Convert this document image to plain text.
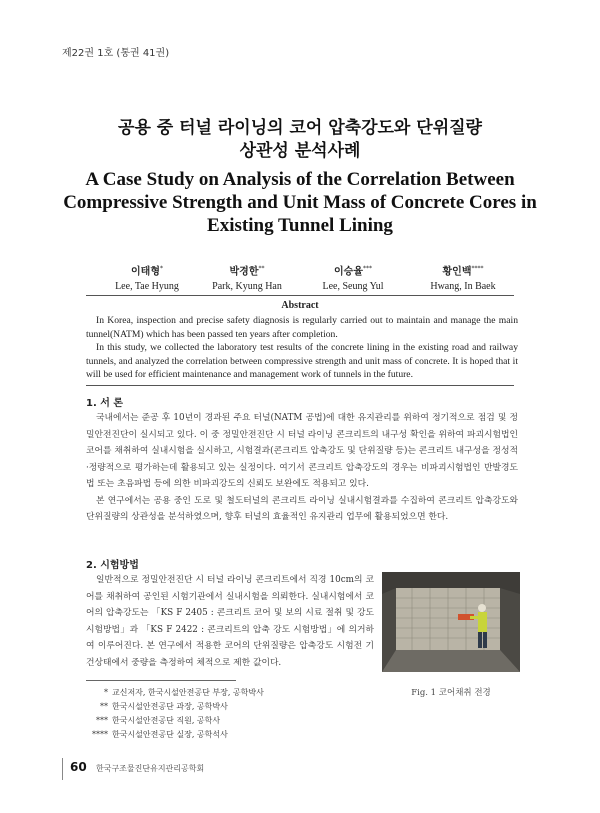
제22권 1호 (통권 41권)
공용 중 터널 라이닝의 코어 압축강도와 단위질량
상관성 분석사례
A Case Study on Analysis of the Correlation Between
Compressive Strength and Unit Mass of Concrete Cores in
Existing Tunnel Lining
이태형*
Lee, Tae Hyung
박경한**
Park, Kyung Han
이승율***
Lee, Seung Yul
황인백****
Hwang, In Baek
Abstract

In Korea, inspection and precise safety diagnosis is regularly carried out to maintain and manage the main tunnel(NATM) which has been passed ten years after completion.

In this study, we collected the laboratory test results of the concrete lining in the existing road and railway tunnels, and analyzed the correlation between compressive strength and unit mass of concrete. It is hoped that it will be used for efficient maintenance and management work of tunnels in the future.

1. 서 론

국내에서는 준공 후 10년이 경과된 주요 터널(NATM 공법)에 대한 유지관리를 위하여 정기적으로 점검 및 정밀안전진단이 실시되고 있다. 이 중 정밀안전진단 시 터널 라이닝 콘크리트의 내구성 확인을 위하여 파괴시험법인 코어를 채취하여 실내시험을 실시하고, 시험결과(콘크리트 압축강도 및 단위질량 등)는 콘크리트 내구성을 정성적·정량적으로 평가하는데 활용되고 있는 실정이다. 여기서 콘크리트 압축강도의 경우는 비파괴시험법인 반발경도법 또는 초음파법 등에 의한 비파괴강도의 신뢰도 보완에도 적용되고 있다.

본 연구에서는 공용 중인 도로 및 철도터널의 콘크리트 라이닝 실내시험결과를 수집하여 콘크리트 압축강도와 단위질량의 상관성을 분석하였으며, 향후 터널의 효율적인 유지관리 업무에 활용되었으면 한다.

2. 시험방법

일반적으로 정밀안전진단 시 터널 라이닝 콘크리트에서 직경 10cm의 코어를 채취하여 공인된 시험기관에서 실내시험을 의뢰한다. 실내시험에서 코어의 압축강도는 「KS F 2405 : 콘크리트 코어 및 보의 시료 절취 및 강도 시험방법」과 「KS F 2422 : 콘크리트의 압축 강도 시험방법」에 의거하여 이루어진다. 본 연구에서 적용한 코어의 단위질량은 압축강도 시험전 기건상태에서 중량을 측정하여 체적으로 제한 값이다.

Fig. 1 코어채취 전경
* 교신저자, 한국시설안전공단 부장, 공학박사
** 한국시설안전공단 과장, 공학박사
*** 한국시설안전공단 직원, 공학사
**** 한국시설안전공단 실장, 공학석사
60 한국구조물진단유지관리공학회
